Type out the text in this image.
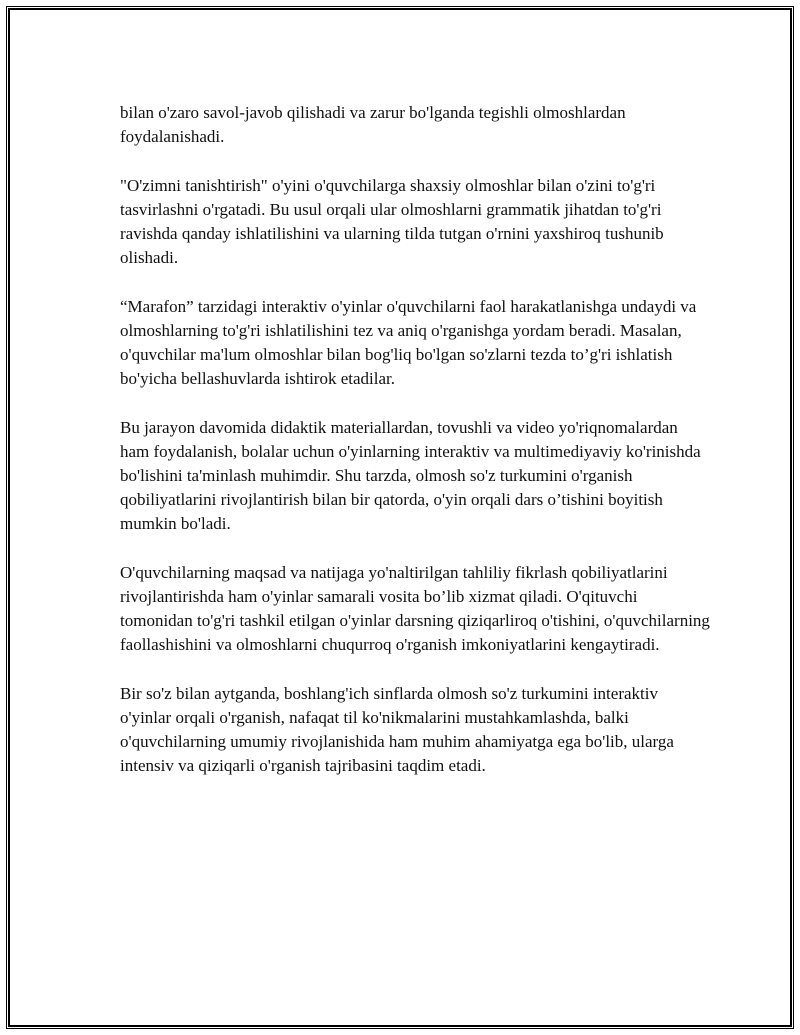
bilan o'zaro savol-javob qilishadi va zarur bo'lganda tegishli olmoshlardan foydalanishadi.

"O'zimni tanishtirish" o'yini o'quvchilarga shaxsiy olmoshlar bilan o'zini to'g'ri tasvirlashni o'rgatadi. Bu usul orqali ular olmoshlarni grammatik jihatdan to'g'ri ravishda qanday ishlatilishini va ularning tilda tutgan o'rnini yaxshiroq tushunib olishadi.

“Marafon” tarzidagi interaktiv o'yinlar o'quvchilarni faol harakatlanishga undaydi va olmoshlarning to'g'ri ishlatilishini tez va aniq o'rganishga yordam beradi. Masalan, o'quvchilar ma'lum olmoshlar bilan bog'liq bo'lgan so'zlarni tezda to’g'ri ishlatish bo'yicha bellashuvlarda ishtirok etadilar.

Bu jarayon davomida didaktik materiallardan, tovushli va video yo'riqnomalardan ham foydalanish, bolalar uchun o'yinlarning interaktiv va multimediyaviy ko'rinishda bo'lishini ta'minlash muhimdir. Shu tarzda, olmosh so'z turkumini o'rganish qobiliyatlarini rivojlantirish bilan bir qatorda, o'yin orqali dars o’tishini boyitish mumkin bo'ladi.

O'quvchilarning maqsad va natijaga yo'naltirilgan tahliliy fikrlash qobiliyatlarini rivojlantirishda ham o'yinlar samarali vosita bo’lib xizmat qiladi. O'qituvchi tomonidan to'g'ri tashkil etilgan o'yinlar darsning qiziqarliroq o'tishini, o'quvchilarning faollashishini va olmoshlarni chuqurroq o'rganish imkoniyatlarini kengaytiradi.

Bir so'z bilan aytganda, boshlang'ich sinflarda olmosh so'z turkumini interaktiv o'yinlar orqali o'rganish, nafaqat til ko'nikmalarini mustahkamlashda, balki o'quvchilarning umumiy rivojlanishida ham muhim ahamiyatga ega bo'lib, ularga intensiv va qiziqarli o'rganish tajribasini taqdim etadi.
